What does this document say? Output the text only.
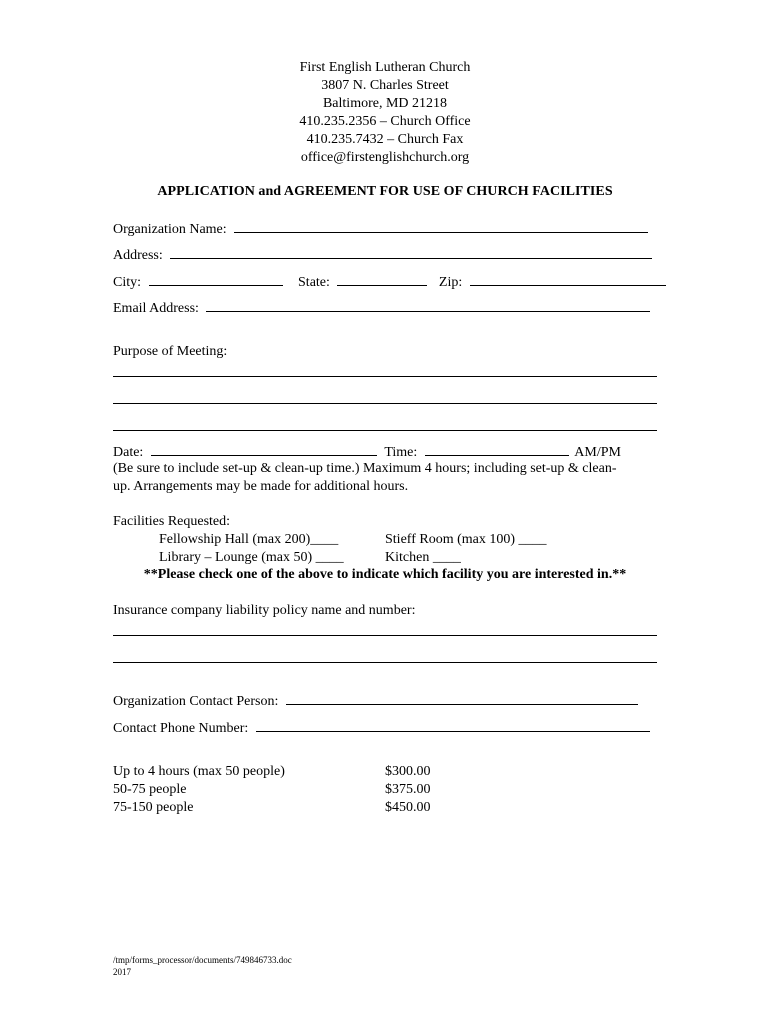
First English Lutheran Church
3807 N. Charles Street
Baltimore, MD 21218
410.235.2356 – Church Office
410.235.7432 – Church Fax
office@firstenglishchurch.org
APPLICATION and AGREEMENT FOR USE OF CHURCH FACILITIES
Organization Name:
Address:
City:	State:	Zip:
Email Address:
Purpose of Meeting:
Date:	Time:	AM/PM
(Be sure to include set-up & clean-up time.) Maximum 4 hours; including set-up & clean-
up. Arrangements may be made for additional hours.
Facilities Requested:
Fellowship Hall (max 200)____	Stieff Room (max 100) ____
Library – Lounge (max 50) ____	Kitchen ____
**Please check one of the above to indicate which facility you are interested in.**
Insurance company liability policy name and number:
Organization Contact Person:
Contact Phone Number:
Up to 4 hours (max 50 people)	$300.00
50-75 people	$375.00
75-150 people	$450.00
/tmp/forms_processor/documents/749846733.doc
2017
